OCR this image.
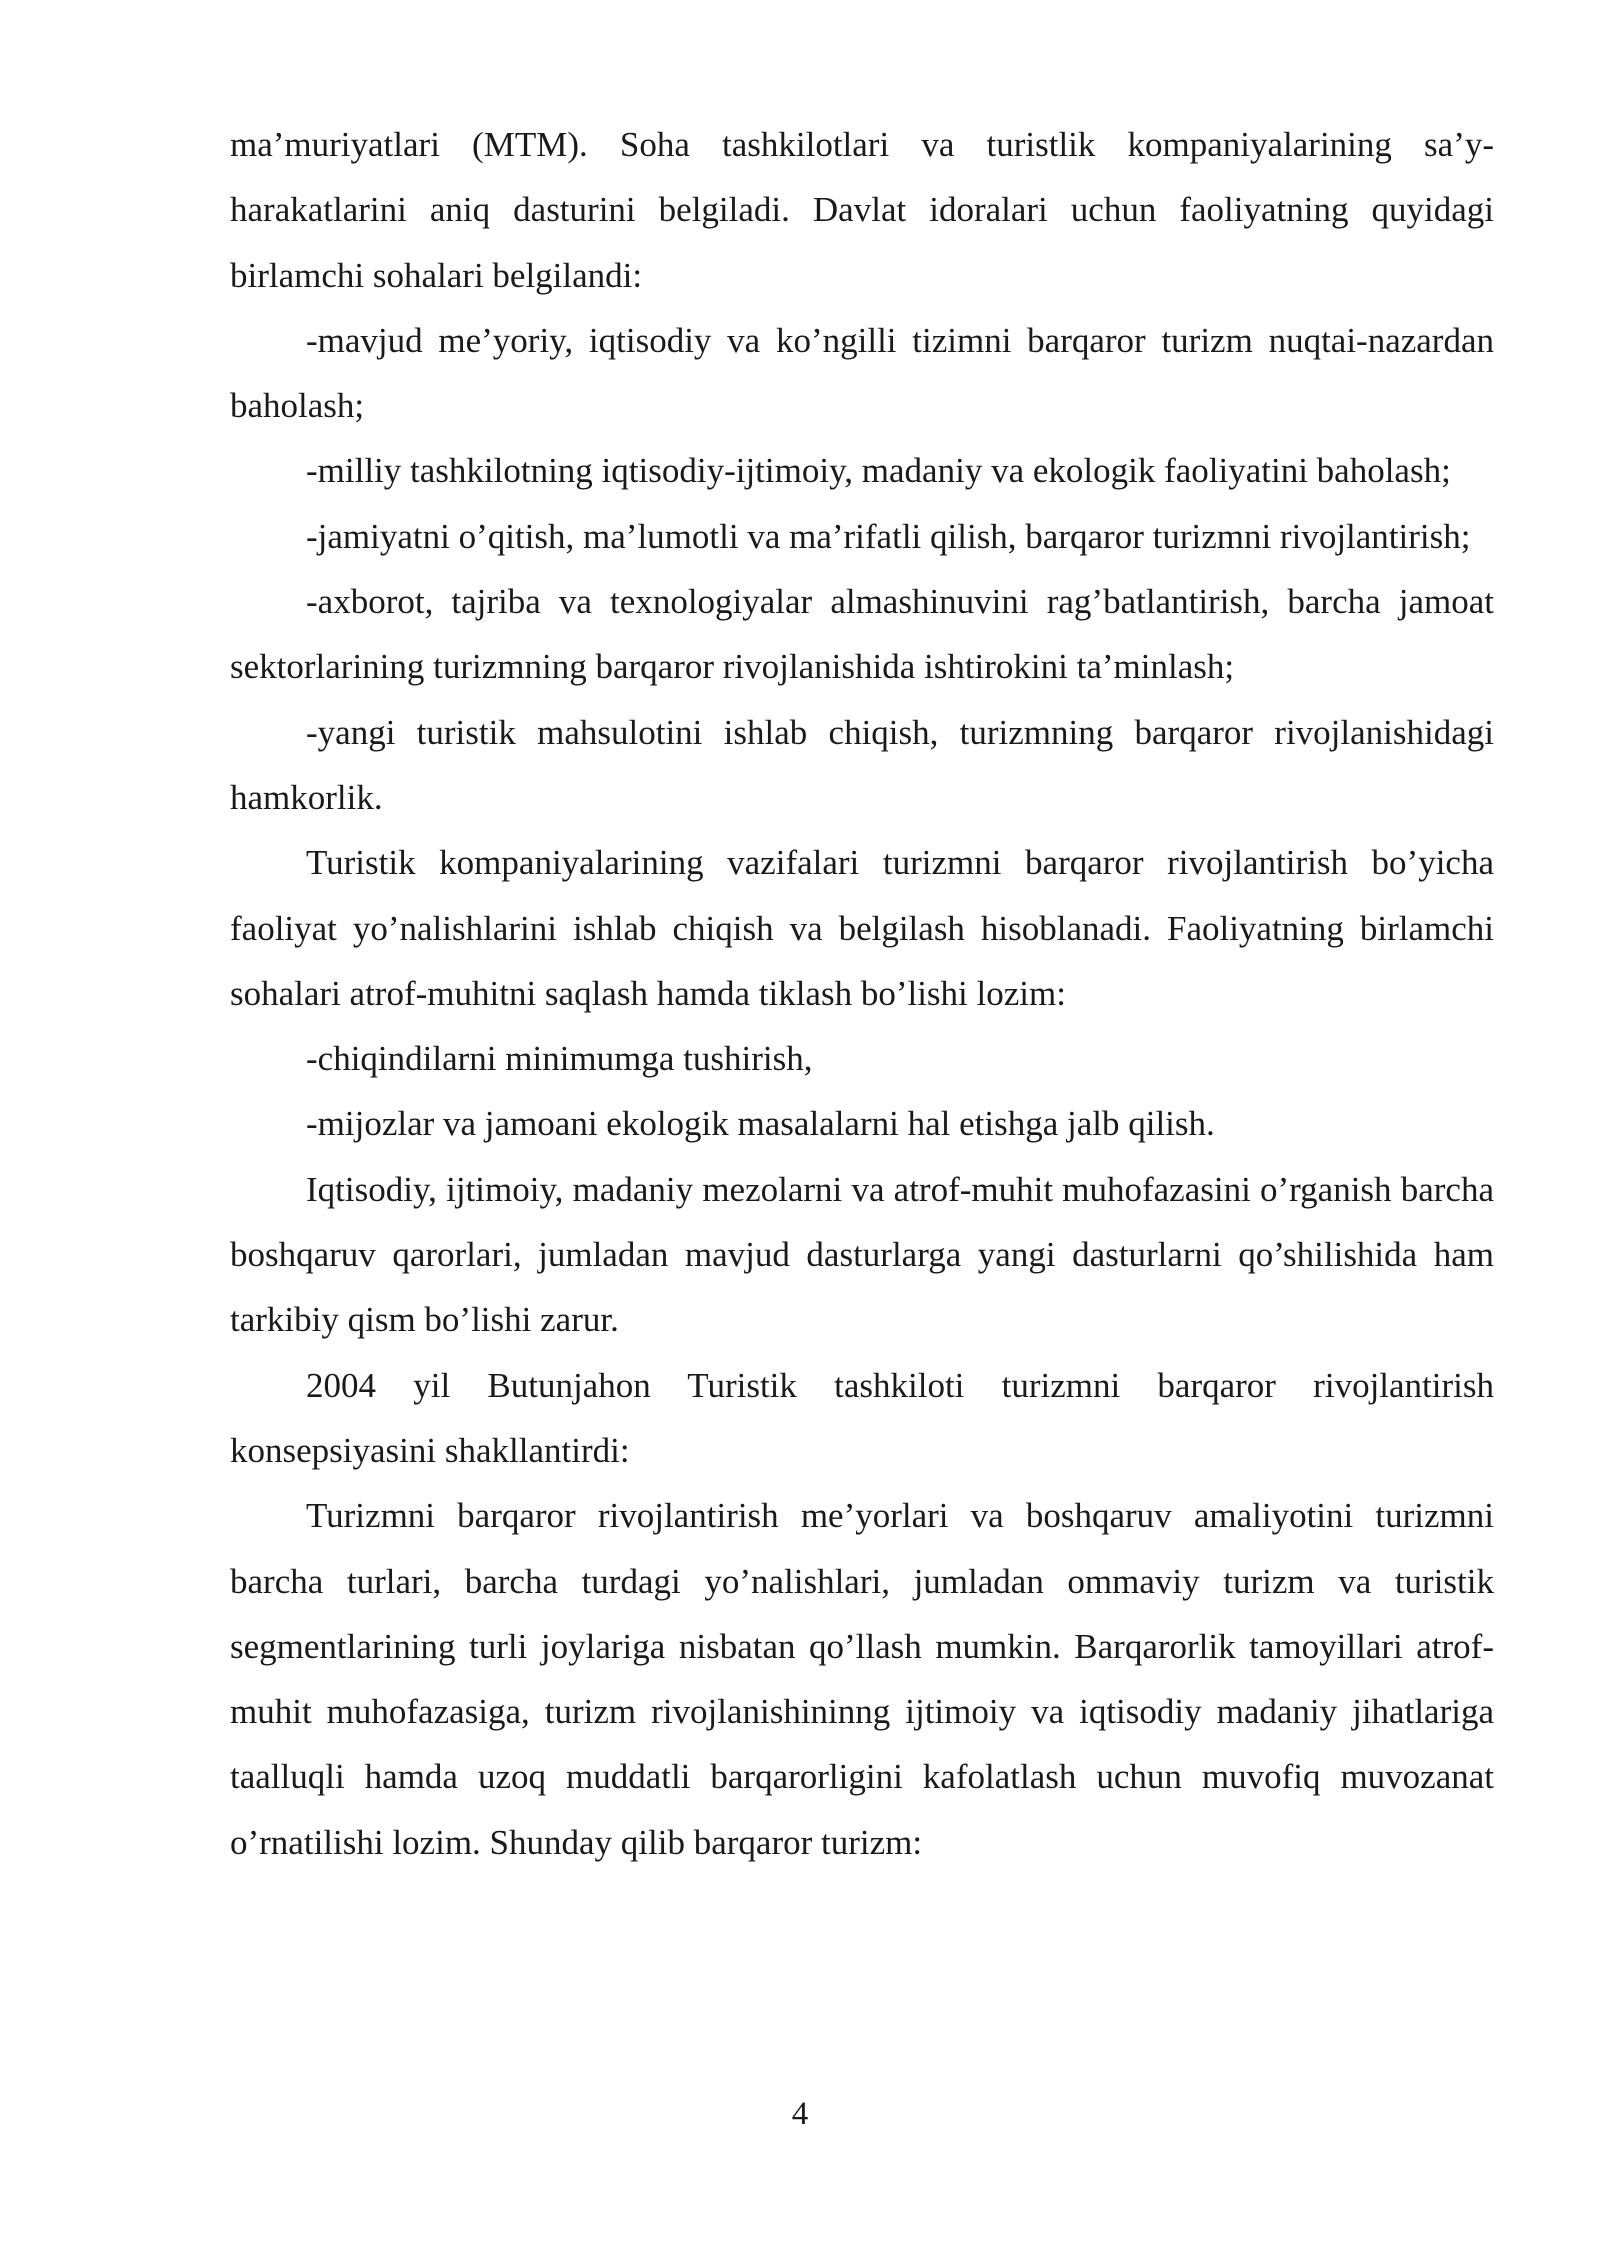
ma’muriyatlari (MTM). Soha tashkilotlari va turistlik kompaniyalarining sa’y-harakatlarini aniq dasturini belgiladi. Davlat idoralari uchun faoliyatning quyidagi birlamchi sohalari belgilandi:

-mavjud me’yoriy, iqtisodiy va ko’ngilli tizimni barqaror turizm nuqtai-nazardan baholash;

-milliy tashkilotning iqtisodiy-ijtimoiy, madaniy va ekologik faoliyatini baholash;

-jamiyatni o’qitish, ma’lumotli va ma’rifatli qilish, barqaror turizmni rivojlantirish;

-axborot, tajriba va texnologiyalar almashinuvini rag’batlantirish, barcha jamoat sektorlarining turizmning barqaror rivojlanishida ishtirokini ta’minlash;

-yangi turistik mahsulotini ishlab chiqish, turizmning barqaror rivojlanishidagi hamkorlik.

Turistik kompaniyalarining vazifalari turizmni barqaror rivojlantirish bo’yicha faoliyat yo’nalishlarini ishlab chiqish va belgilash hisoblanadi. Faoliyatning birlamchi sohalari atrof-muhitni saqlash hamda tiklash bo’lishi lozim:

-chiqindilarni minimumga tushirish,

-mijozlar va jamoani ekologik masalalarni hal etishga jalb qilish.

Iqtisodiy, ijtimoiy, madaniy mezolarni va atrof-muhit muhofazasini o’rganish barcha boshqaruv qarorlari, jumladan mavjud dasturlarga yangi dasturlarni qo’shilishida ham tarkibiy qism bo’lishi zarur.

2004 yil Butunjahon Turistik tashkiloti turizmni barqaror rivojlantirish konsepsiyasini shakllantirdi:

Turizmni barqaror rivojlantirish me’yorlari va boshqaruv amaliyotini turizmni barcha turlari, barcha turdagi yo’nalishlari, jumladan ommaviy turizm va turistik segmentlarining turli joylariga nisbatan qo’llash mumkin. Barqarorlik tamoyillari atrof-muhit muhofazasiga, turizm rivojlanishininng ijtimoiy va iqtisodiy madaniy jihatlariga taalluqli hamda uzoq muddatli barqarorligini kafolatlash uchun muvofiq muvozanat o’rnatilishi lozim. Shunday qilib barqaror turizm:

4
